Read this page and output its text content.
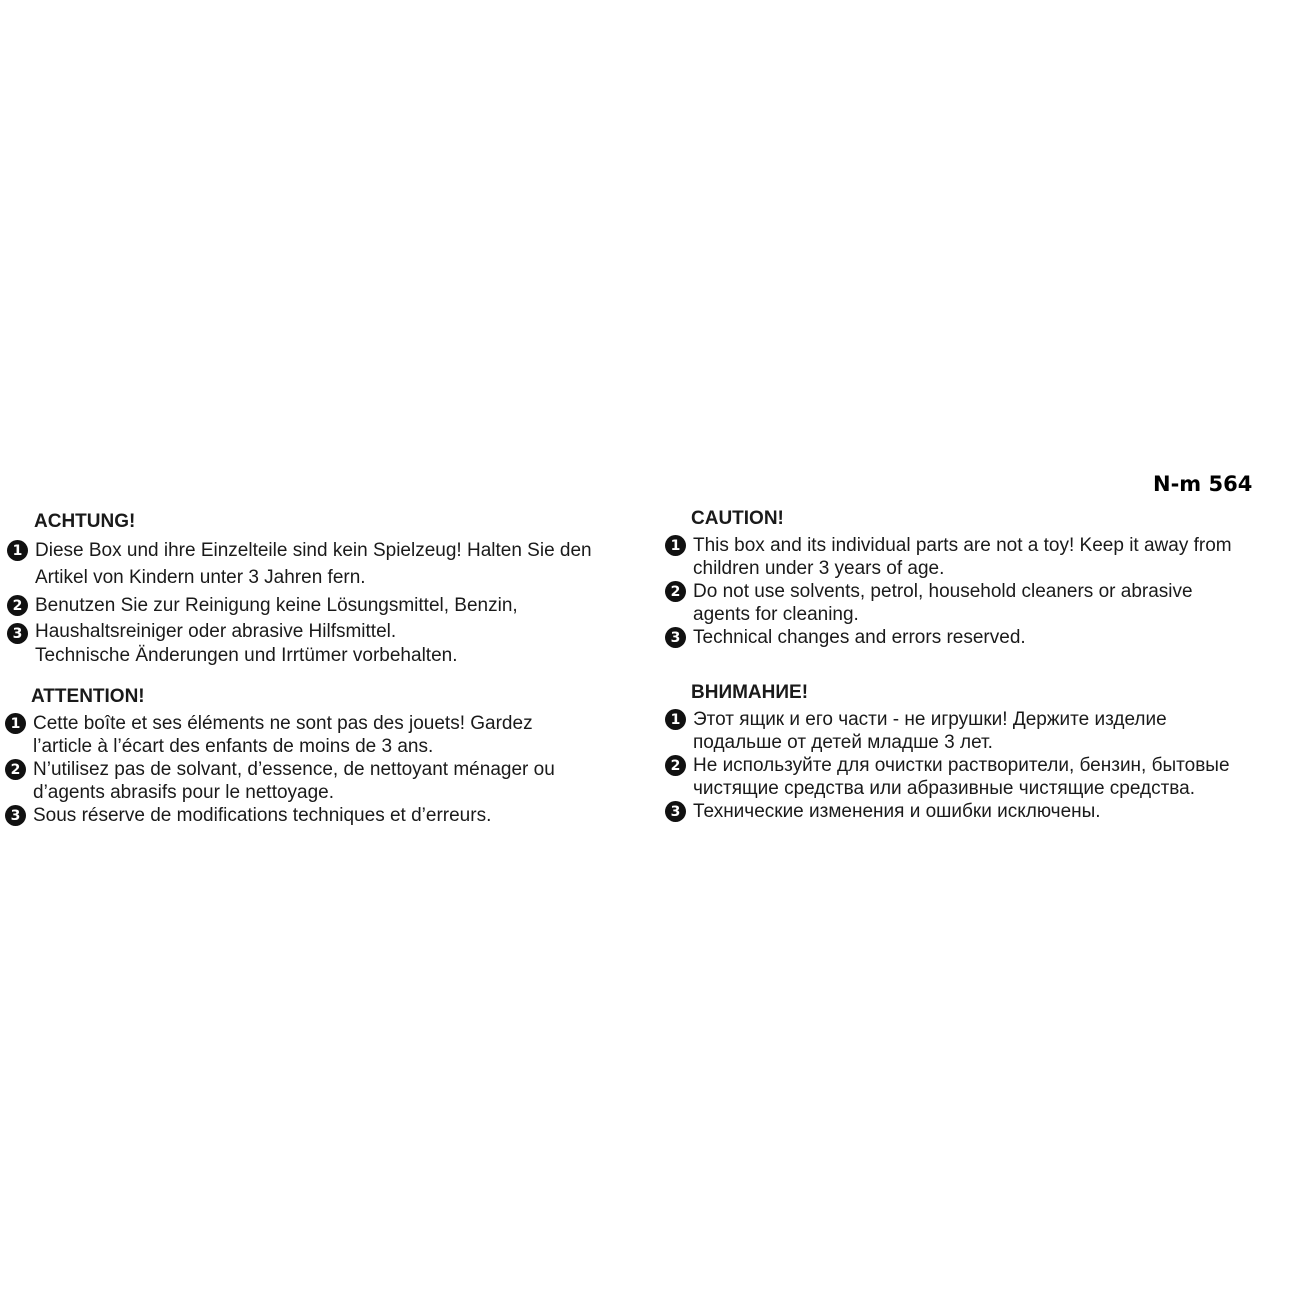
N-m 564
ACHTUNG!
1 Diese Box und ihre Einzelteile sind kein Spielzeug! Halten Sie den
Artikel von Kindern unter 3 Jahren fern.
2 Benutzen Sie zur Reinigung keine Lösungsmittel, Benzin,
3 Haushaltsreiniger oder abrasive Hilfsmittel.
Technische Änderungen und Irrtümer vorbehalten.
CAUTION!
1 This box and its individual parts are not a toy! Keep it away from
children under 3 years of age.
2 Do not use solvents, petrol, household cleaners or abrasive
agents for cleaning.
3 Technical changes and errors reserved.
ATTENTION!
1 Cette boîte et ses éléments ne sont pas des jouets! Gardez
l’article à l’écart des enfants de moins de 3 ans.
2 N’utilisez pas de solvant, d’essence, de nettoyant ménager ou
d’agents abrasifs pour le nettoyage.
3 Sous réserve de modifications techniques et d’erreurs.
ВНИМАНИЕ!
1 Этот ящик и его части - не игрушки! Держите изделие
подальше от детей младше 3 лет.
2 Не используйте для очистки растворители, бензин, бытовые
чистящие средства или абразивные чистящие средства.
3 Технические изменения и ошибки исключены.
